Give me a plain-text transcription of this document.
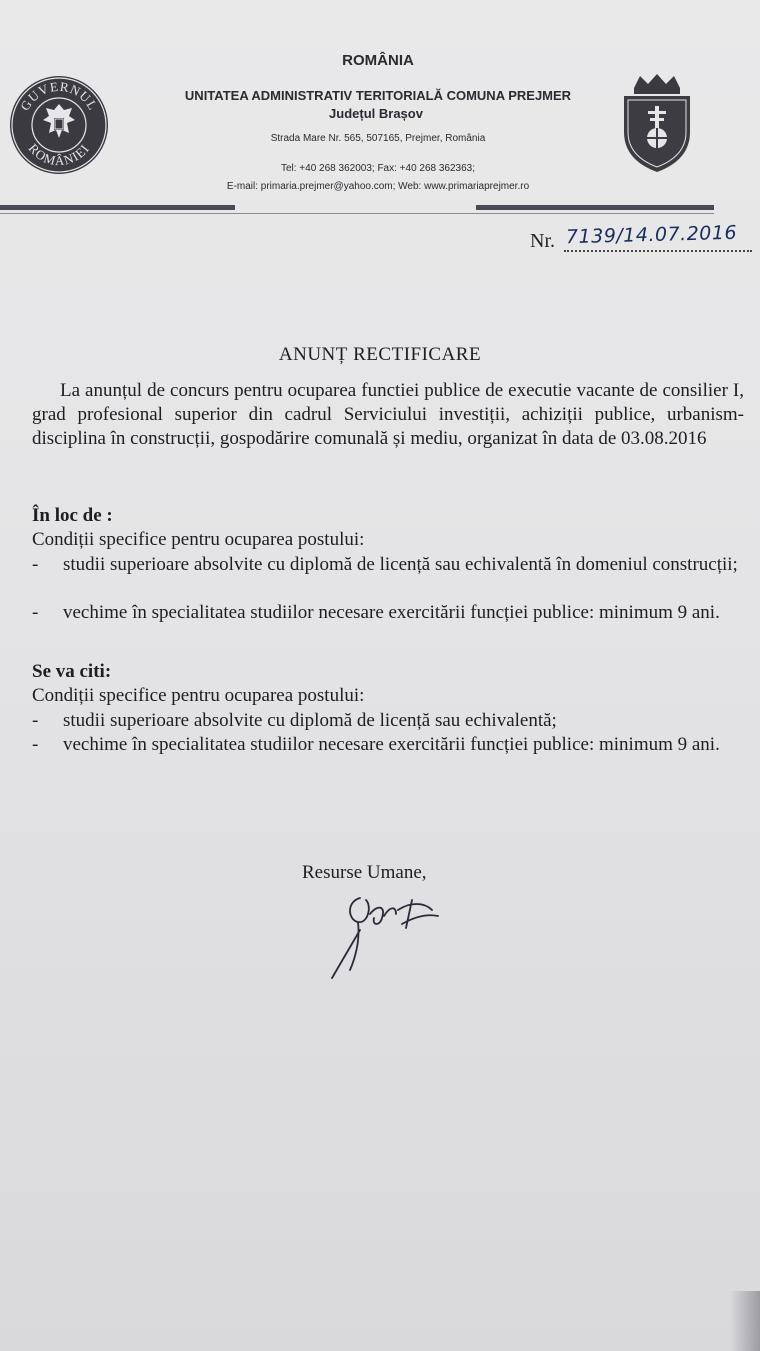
GUVERNUL
ROMÂNIEI
ROMÂNIA
UNITATEA ADMINISTRATIV TERITORIALĂ COMUNA PREJMER
Județul Brașov
Strada Mare Nr. 565, 507165, Prejmer, România
Tel: +40 268 362003; Fax: +40 268 362363;
E-mail: primaria.prejmer@yahoo.com; Web: www.primariaprejmer.ro
Nr. 7139/14.07.2016
ANUNȚ RECTIFICARE
La anunțul de concurs pentru ocuparea functiei publice de executie vacante de consilier I, grad profesional superior din cadrul Serviciului investiții, achiziții publice, urbanism-disciplina în construcții, gospodărire comunală și mediu, organizat în data de 03.08.2016
În loc de :
Condiții specifice pentru ocuparea postului:
- studii superioare absolvite cu diplomă de licență sau echivalentă în domeniul construcții;
- vechime în specialitatea studiilor necesare exercitării funcției publice: minimum 9 ani.
Se va citi:
Condiții specifice pentru ocuparea postului:
- studii superioare absolvite cu diplomă de licență sau echivalentă;
- vechime în specialitatea studiilor necesare exercitării funcției publice: minimum 9 ani.
Resurse Umane,
